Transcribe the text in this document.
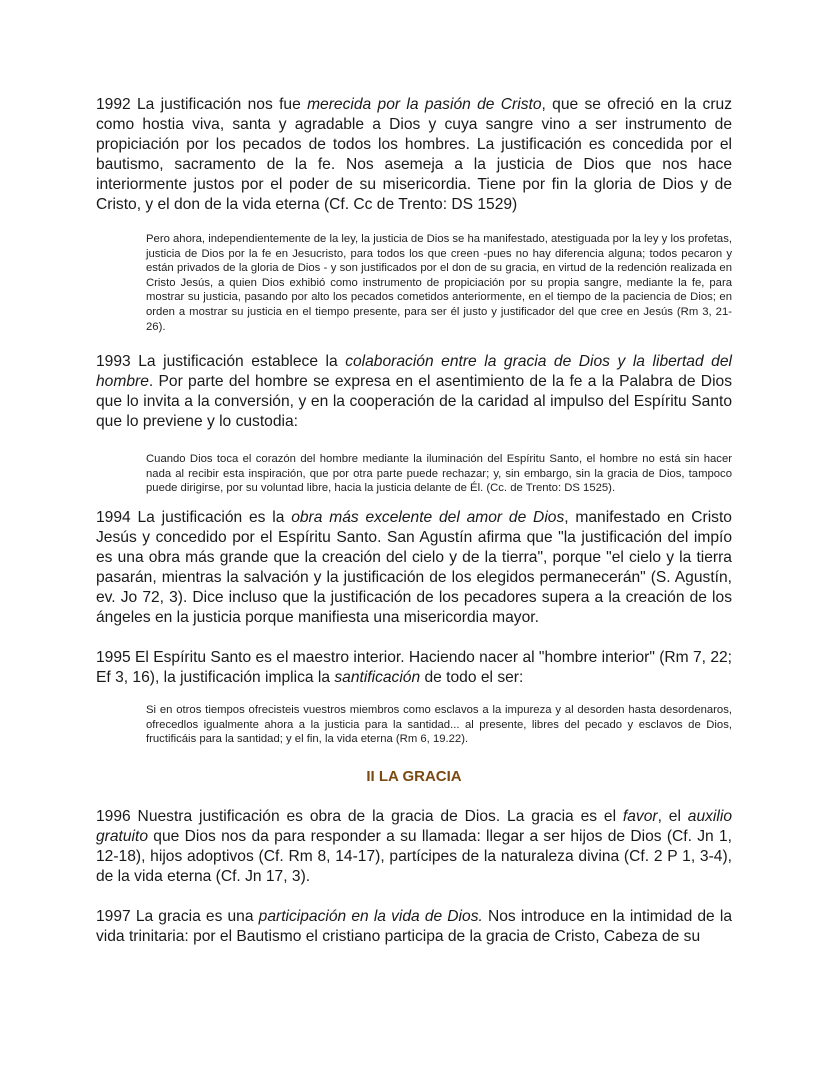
1992 La justificación nos fue merecida por la pasión de Cristo, que se ofreció en la cruz como hostia viva, santa y agradable a Dios y cuya sangre vino a ser instrumento de propiciación por los pecados de todos los hombres. La justificación es concedida por el bautismo, sacramento de la fe. Nos asemeja a la justicia de Dios que nos hace interiormente justos por el poder de su misericordia. Tiene por fin la gloria de Dios y de Cristo, y el don de la vida eterna (Cf. Cc de Trento: DS 1529)

Pero ahora, independientemente de la ley, la justicia de Dios se ha manifestado, atestiguada por la ley y los profetas, justicia de Dios por la fe en Jesucristo, para todos los que creen -pues no hay diferencia alguna; todos pecaron y están privados de la gloria de Dios - y son justificados por el don de su gracia, en virtud de la redención realizada en Cristo Jesús, a quien Dios exhibió como instrumento de propiciación por su propia sangre, mediante la fe, para mostrar su justicia, pasando por alto los pecados cometidos anteriormente, en el tiempo de la paciencia de Dios; en orden a mostrar su justicia en el tiempo presente, para ser él justo y justificador del que cree en Jesús (Rm 3, 21-26).

1993 La justificación establece la colaboración entre la gracia de Dios y la libertad del hombre. Por parte del hombre se expresa en el asentimiento de la fe a la Palabra de Dios que lo invita a la conversión, y en la cooperación de la caridad al impulso del Espíritu Santo que lo previene y lo custodia:

Cuando Dios toca el corazón del hombre mediante la iluminación del Espíritu Santo, el hombre no está sin hacer nada al recibir esta inspiración, que por otra parte puede rechazar; y, sin embargo, sin la gracia de Dios, tampoco puede dirigirse, por su voluntad libre, hacia la justicia delante de Él. (Cc. de Trento: DS 1525).

1994 La justificación es la obra más excelente del amor de Dios, manifestado en Cristo Jesús y concedido por el Espíritu Santo. San Agustín afirma que "la justificación del impío es una obra más grande que la creación del cielo y de la tierra", porque "el cielo y la tierra pasarán, mientras la salvación y la justificación de los elegidos permanecerán" (S. Agustín, ev. Jo 72, 3). Dice incluso que la justificación de los pecadores supera a la creación de los ángeles en la justicia porque manifiesta una misericordia mayor.

1995 El Espíritu Santo es el maestro interior. Haciendo nacer al "hombre interior" (Rm 7, 22; Ef 3, 16), la justificación implica la santificación de todo el ser:

Si en otros tiempos ofrecisteis vuestros miembros como esclavos a la impureza y al desorden hasta desordenaros, ofrecedlos igualmente ahora a la justicia para la santidad... al presente, libres del pecado y esclavos de Dios, fructificáis para la santidad; y el fin, la vida eterna (Rm 6, 19.22).

II LA GRACIA

1996 Nuestra justificación es obra de la gracia de Dios. La gracia es el favor, el auxilio gratuito que Dios nos da para responder a su llamada: llegar a ser hijos de Dios (Cf. Jn 1, 12-18), hijos adoptivos (Cf. Rm 8, 14-17), partícipes de la naturaleza divina (Cf. 2 P 1, 3-4), de la vida eterna (Cf. Jn 17, 3).

1997 La gracia es una participación en la vida de Dios. Nos introduce en la intimidad de la vida trinitaria: por el Bautismo el cristiano participa de la gracia de Cristo, Cabeza de su
